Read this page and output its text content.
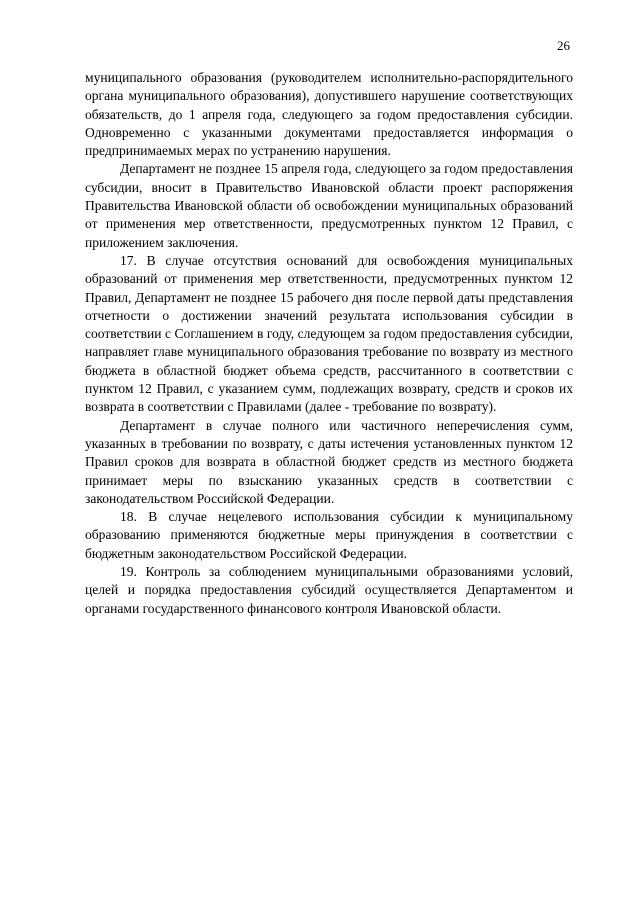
26

муниципального образования (руководителем исполнительно-распорядительного органа муниципального образования), допустившего нарушение соответствующих обязательств, до 1 апреля года, следующего за годом предоставления субсидии. Одновременно с указанными документами предоставляется информация о предпринимаемых мерах по устранению нарушения.

Департамент не позднее 15 апреля года, следующего за годом предоставления субсидии, вносит в Правительство Ивановской области проект распоряжения Правительства Ивановской области об освобождении муниципальных образований от применения мер ответственности, предусмотренных пунктом 12 Правил, с приложением заключения.

17. В случае отсутствия оснований для освобождения муниципальных образований от применения мер ответственности, предусмотренных пунктом 12 Правил, Департамент не позднее 15 рабочего дня после первой даты представления отчетности о достижении значений результата использования субсидии в соответствии с Соглашением в году, следующем за годом предоставления субсидии, направляет главе муниципального образования требование по возврату из местного бюджета в областной бюджет объема средств, рассчитанного в соответствии с пунктом 12 Правил, с указанием сумм, подлежащих возврату, средств и сроков их возврата в соответствии с Правилами (далее - требование по возврату).

Департамент в случае полного или частичного неперечисления сумм, указанных в требовании по возврату, с даты истечения установленных пунктом 12 Правил сроков для возврата в областной бюджет средств из местного бюджета принимает меры по взысканию указанных средств в соответствии с законодательством Российской Федерации.

18. В случае нецелевого использования субсидии к муниципальному образованию применяются бюджетные меры принуждения в соответствии с бюджетным законодательством Российской Федерации.

19. Контроль за соблюдением муниципальными образованиями условий, целей и порядка предоставления субсидий осуществляется Департаментом и органами государственного финансового контроля Ивановской области.
